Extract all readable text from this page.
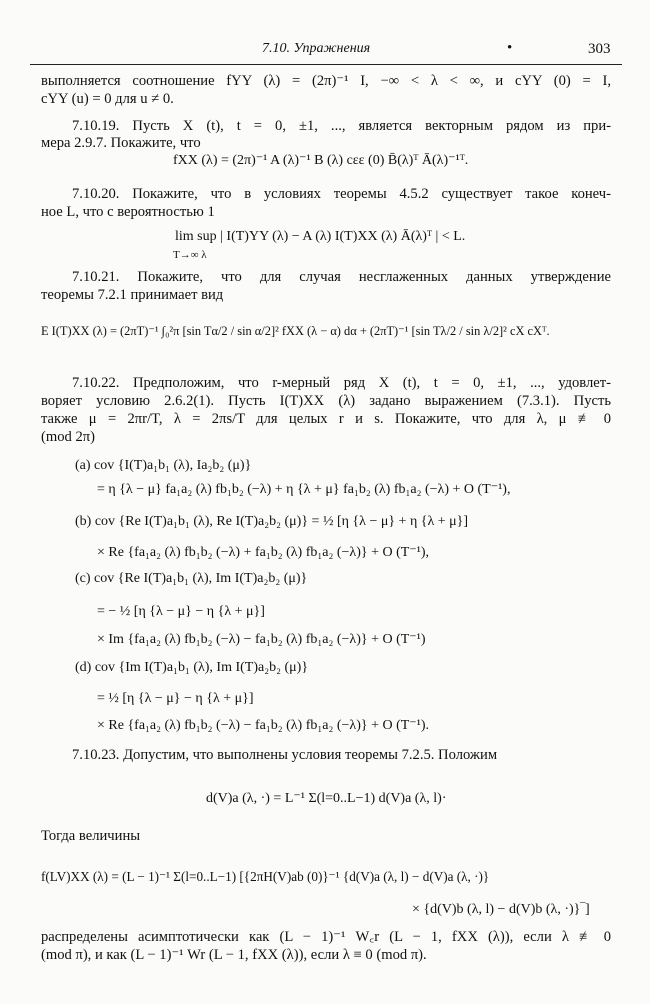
7.10. Упражнения	•	303
выполняется соотношение fYY (λ) = (2π)⁻¹ I, −∞ < λ < ∞, и cYY (0) = I,
cYY (u) = 0 для u ≠ 0.
7.10.19. Пусть X (t), t = 0, ±1, ..., является векторным рядом из при-
мера 2.9.7. Покажите, что
fXX (λ) = (2π)⁻¹ A (λ)⁻¹ B (λ) cεε (0) B̄(λ)ᵀ Ā(λ)⁻¹ᵀ.
7.10.20. Покажите, что в условиях теоремы 4.5.2 существует такое конеч-
ное L, что с вероятностью 1
lim sup | I(T)YY (λ) − A (λ) I(T)XX (λ) Ā(λ)ᵀ | < L.
T→∞ λ
7.10.21. Покажите, что для случая несглаженных данных утверждение
теоремы 7.2.1 принимает вид
E I(T)XX (λ) = (2πT)⁻¹ ∫₀²π [sin Tα/2 / sin α/2]² fXX (λ − α) dα + (2πT)⁻¹ [sin Tλ/2 / sin λ/2]² cX cXᵀ.
7.10.22. Предположим, что r-мерный ряд X (t), t = 0, ±1, ..., удовлет-
воряет условию 2.6.2(1). Пусть I(T)XX (λ) задано выражением (7.3.1). Пусть
также μ = 2πr/T, λ = 2πs/T для целых r и s. Покажите, что для λ, μ ≢ 0
(mod 2π)
(a) cov {I(T)a₁b₁ (λ), Ia₂b₂ (μ)}
= η {λ − μ} fa₁a₂ (λ) fb₁b₂ (−λ) + η {λ + μ} fa₁b₂ (λ) fb₁a₂ (−λ) + O (T⁻¹),
(b) cov {Re I(T)a₁b₁ (λ), Re I(T)a₂b₂ (μ)} = ½ [η {λ − μ} + η {λ + μ}]
× Re {fa₁a₂ (λ) fb₁b₂ (−λ) + fa₁b₂ (λ) fb₁a₂ (−λ)} + O (T⁻¹),
(c) cov {Re I(T)a₁b₁ (λ), Im I(T)a₂b₂ (μ)}
= − ½ [η {λ − μ} − η {λ + μ}]
× Im {fa₁a₂ (λ) fb₁b₂ (−λ) − fa₁b₂ (λ) fb₁a₂ (−λ)} + O (T⁻¹)
(d) cov {Im I(T)a₁b₁ (λ), Im I(T)a₂b₂ (μ)}
= ½ [η {λ − μ} − η {λ + μ}]
× Re {fa₁a₂ (λ) fb₁b₂ (−λ) − fa₁b₂ (λ) fb₁a₂ (−λ)} + O (T⁻¹).
7.10.23. Допустим, что выполнены условия теоремы 7.2.5. Положим
d(V)a (λ, ·) = L⁻¹ Σ(l=0..L−1) d(V)a (λ, l)·
Тогда величины
f(LV)XX (λ) = (L − 1)⁻¹ Σ(l=0..L−1) [{2πH(V)ab (0)}⁻¹ {d(V)a (λ, l) − d(V)a (λ, ·)}
× {d(V)b (λ, l) − d(V)b (λ, ·)}‾]
распределены асимптотически как (L − 1)⁻¹ W꜀r (L − 1, fXX (λ)), если λ ≢ 0
(mod π), и как (L − 1)⁻¹ Wr (L − 1, fXX (λ)), если λ ≡ 0 (mod π).
